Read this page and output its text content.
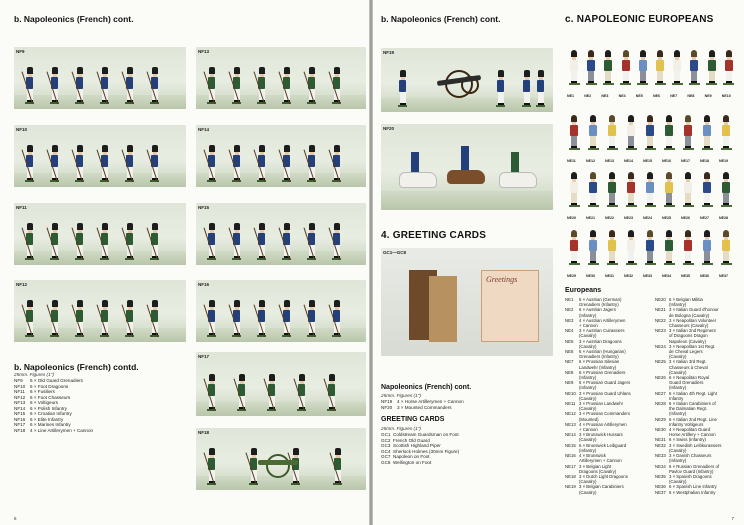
b. Napoleonics (French) cont.
NF9	NF13
NF10	NF14
NF11	NF15
NF12	NF16
NF17
NF18
b. Napoleonics (French) contd.
25mm. Figures (1")
NF9 6 × Old Guard Grenadiers
NF10 6 × Foot Dragoons
NF11 6 × Fusiliers
NF12 6 × Foot Chasseurs
NF13 6 × Voltigeurs
NF14 6 × Polish Infantry
NF15 6 × Croatian Infantry
NF16 6 × Elite Infantry
NF17 6 × Marines Infantry
NF18 4 × Line Artillerymen + Cannon
6
b. Napoleonics (French) cont.	c. NAPOLEONIC EUROPEANS
NF19
NF20
4. GREETING CARDS
GC1—GC8
Greetings
Napoleonics (French) cont.
25mm. Figures (1")
NF19 4 × Horse Artillerymen + Cannon
NF20 3 × Mounted Commanders
GREETING CARDS
25mm. Figures (1")
GC1 Coldstream Guardsman on Foot
GC2 French Old Guard
GC3 Scottish Highland Piper
GC4 Sherlock Holmes (30mm Figure)
GC7 Napoleon on Foot
GC8 Wellington on Foot
NE1	NE2	NE3	NE4	NE5	NE6	NE7	NE8	NE9	NE10
NE11	NE12	NE13	NE14	NE15	NE16	NE17	NE18	NE19
NE20	NE21	NE22	NE23	NE24	NE25	NE26	NE27	NE28
NE29	NE30	NE31	NE32	NE33	NE34	NE35	NE36	NE37
Europeans
NE1	6 × Austrian (German)
Grenadiers (Infantry)
NE2	6 × Austrian Jagers
(Infantry)
NE3	4 × Austrian Artillerymen
+ Cannon
NE4	3 × Austrian Cuirassiers
(Cavalry)
NE5	3 × Austrian Dragoons
(Cavalry)
NE6	6 × Austrian (Hungarian)
Grenadiers (Infantry)
NE7	6 × Prussian Silesian
Landwehr (Infantry)
NE8	6 × Prussian Grenadiers
(Infantry)
NE9	6 × Prussian Guard Jagers
(Infantry)
NE10 3 × Prussian Guard Uhlans
(Cavalry)
NE11 3 × Prussian Landwehr
(Cavalry)
NE12 3 × Prussian Commanders
(Mounted)
NE13 4 × Prussian Artillerymen
+ Cannon
NE14 3 × Brunswick Hussars
(Cavalry)
NE15 6 × Brunswick Leibguard
(Infantry)
NE16 4 × Brunswick
Artillerymen + Cannon
NE17 3 × Belgian Light
Dragoons (Cavalry)
NE18 3 × Dutch Light Dragoons
(Cavalry)
NE19 3 × Belgian Carabiniers
(Cavalry)
NE20 6 × Belgian Militia
(Infantry)
NE21 3 × Italian Guard d'honour
de Bologna (Cavalry)
NE22 3 × Neapolitan Volunteer
Chasseurs (Cavalry)
NE23 3 × Italian 2nd Regiment
of Dragoons Dragon
Napoleon (Cavalry)
NE24 3 × Neapolitan 1st Regt.
de Cheval Legers
(Cavalry)
NE25 3 × Italian 3rd Regt.
Chasseurs à Cheval
(Cavalry)
NE26 6 × Neapolitan Royal
Guard Grenadiers
(Infantry)
NE27 6 × Italian 4th Regt. Light
Infantry
NE28 6 × Italian Carabiniers of
the Dalmatian Regt.
(Infantry)
NE29 6 × Italian 2nd Regt. Line
Infantry Voltigeurs
NE30 4 × Neapolitan Guard
Horse Artillery + Cannon
NE31 6 × Swiss (Infantry)
NE32 3 × Swedish Leibkurassiers
(Cavalry)
NE33 3 × Danish Chasseurs
(Infantry)
NE34 6 × Russian Grenadiers of
Pavlov Guard (Infantry)
NE35 3 × Spanish Dragoons
(Cavalry)
NE36 6 × Spanish Line Infantry
NE37 6 × Westphalian Infantry
7
